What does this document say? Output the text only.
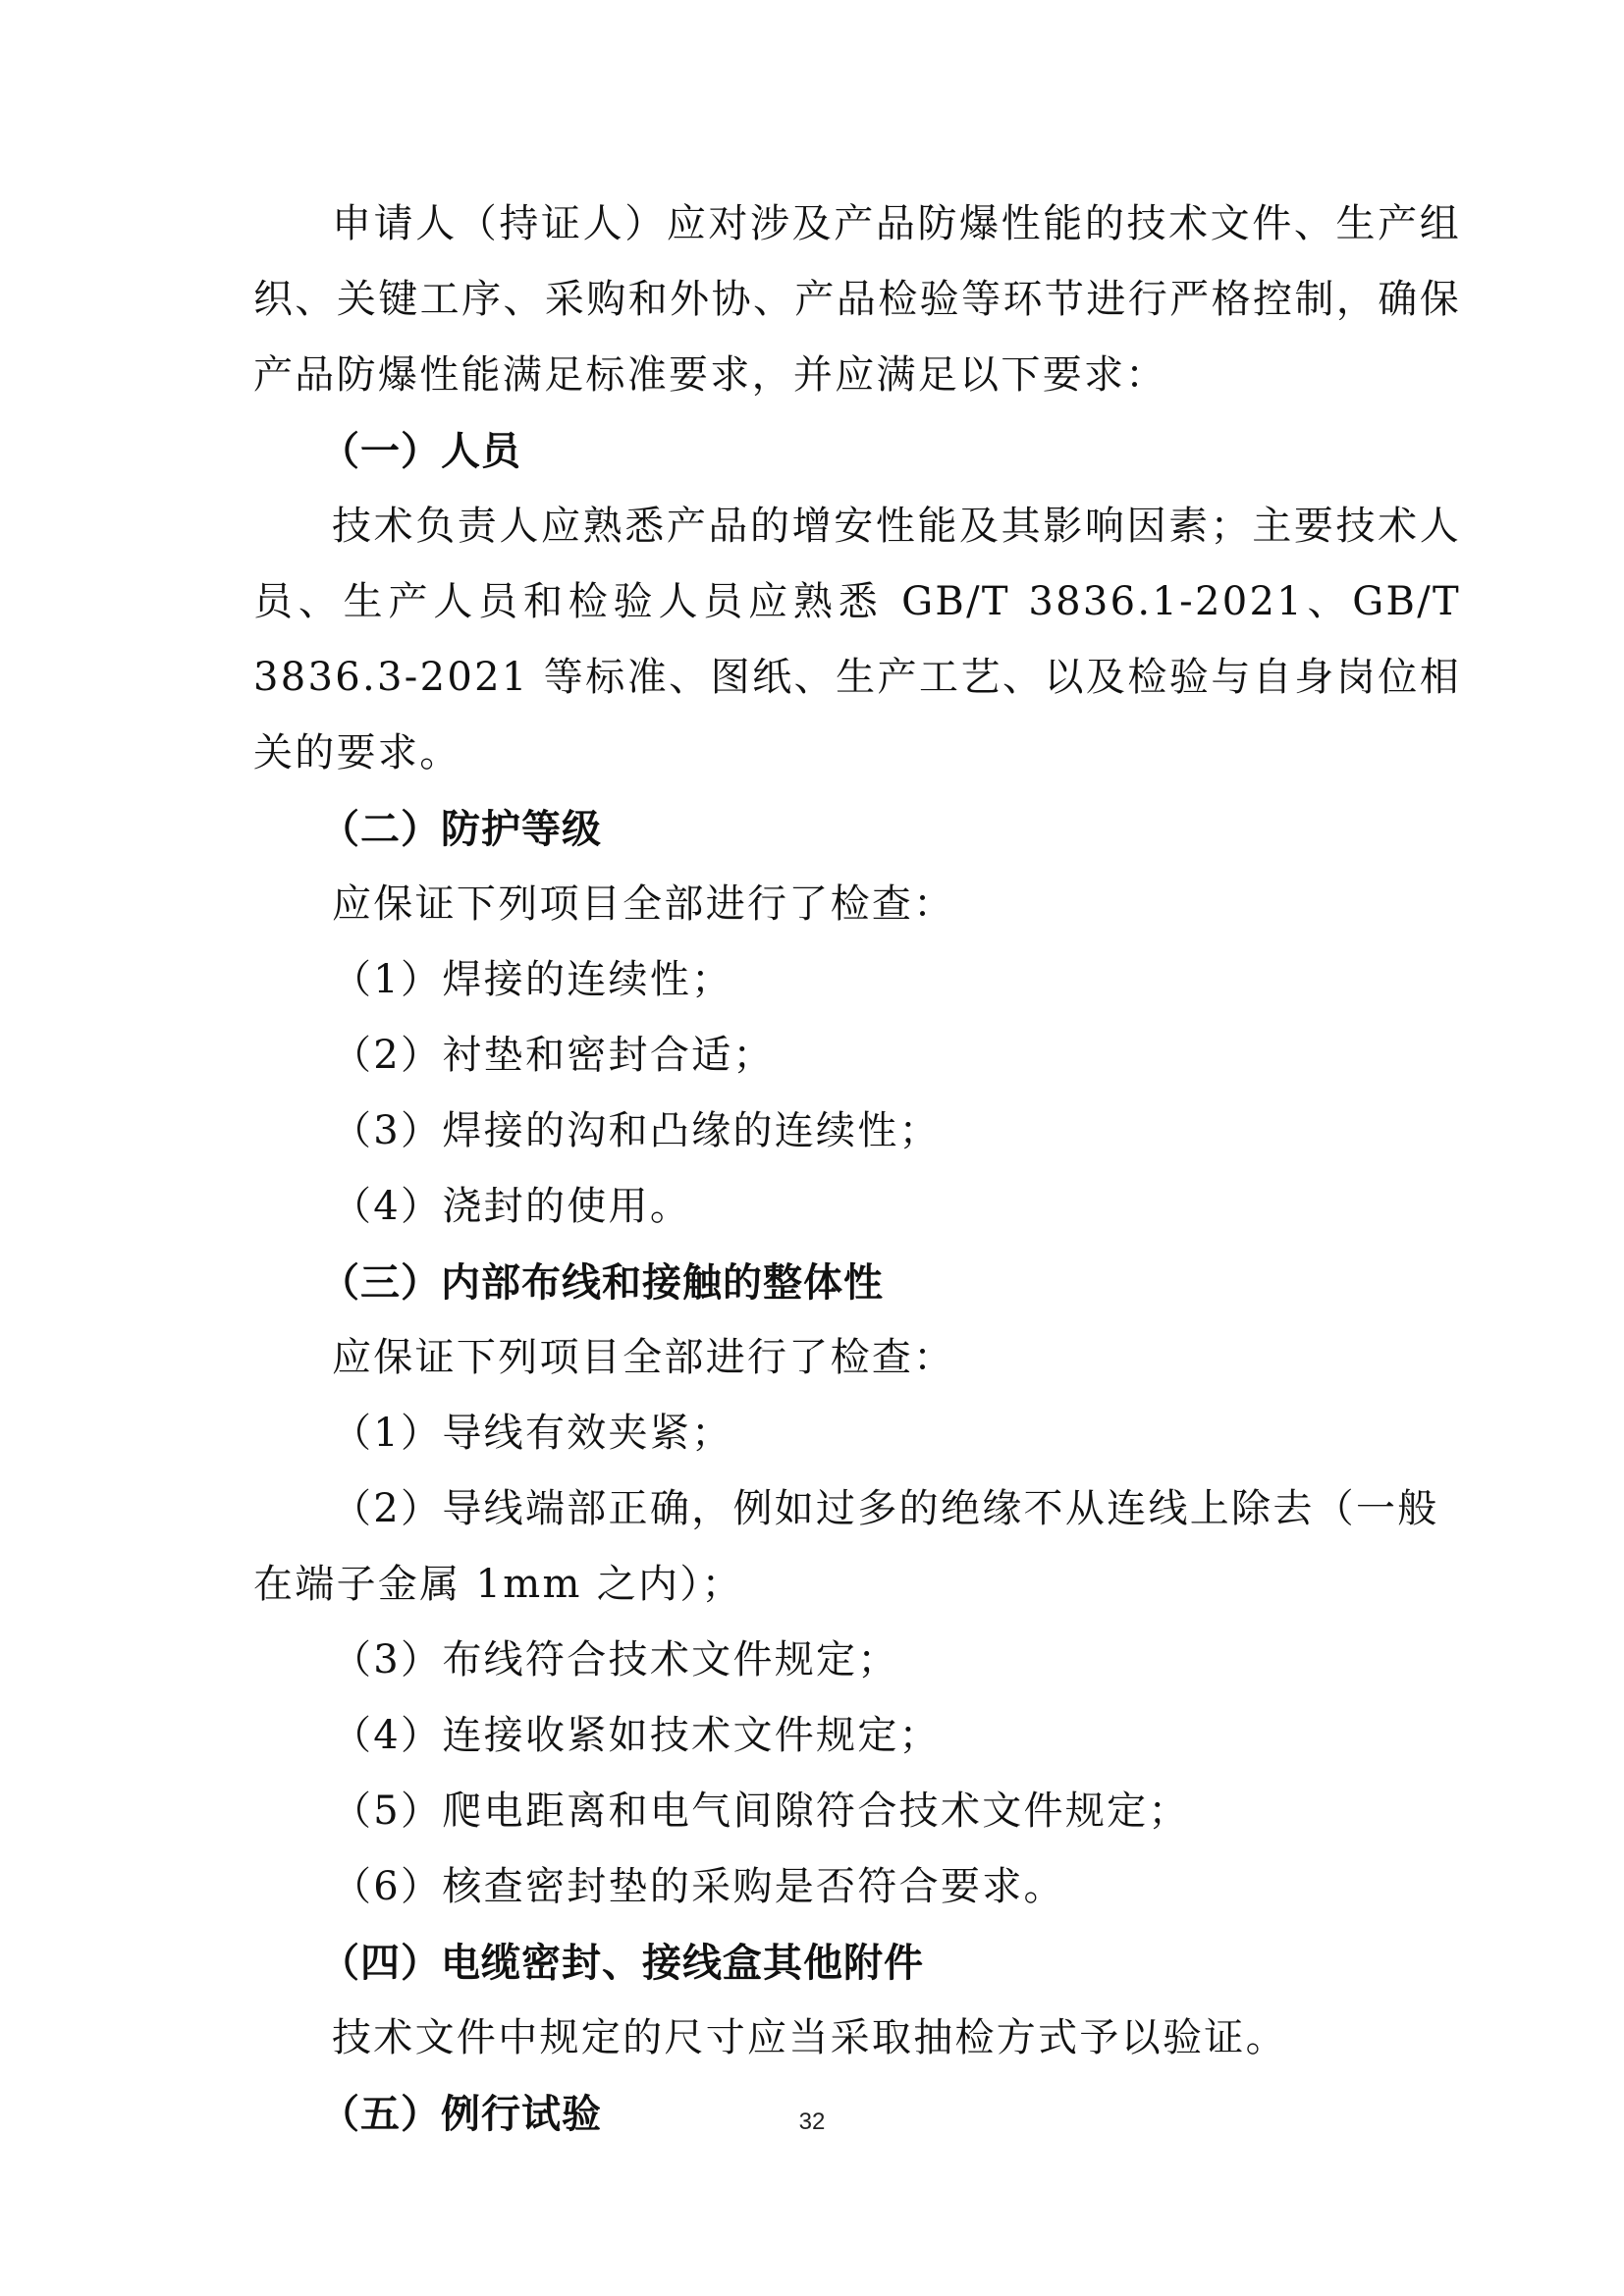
申请人（持证人）应对涉及产品防爆性能的技术文件、生产组织、关键工序、采购和外协、产品检验等环节进行严格控制，确保产品防爆性能满足标准要求，并应满足以下要求：

（一）人员

技术负责人应熟悉产品的增安性能及其影响因素；主要技术人员、生产人员和检验人员应熟悉 GB/T 3836.1-2021、GB/T 3836.3-2021 等标准、图纸、生产工艺、以及检验与自身岗位相关的要求。

（二）防护等级

应保证下列项目全部进行了检查：

（1）焊接的连续性；

（2）衬垫和密封合适；

（3）焊接的沟和凸缘的连续性；

（4）浇封的使用。

（三）内部布线和接触的整体性

应保证下列项目全部进行了检查：

（1）导线有效夹紧；

（2）导线端部正确，例如过多的绝缘不从连线上除去（一般在端子金属 1mm 之内）；

（3）布线符合技术文件规定；

（4）连接收紧如技术文件规定；

（5）爬电距离和电气间隙符合技术文件规定；

（6）核查密封垫的采购是否符合要求。

（四）电缆密封、接线盒其他附件

技术文件中规定的尺寸应当采取抽检方式予以验证。

（五）例行试验	32
